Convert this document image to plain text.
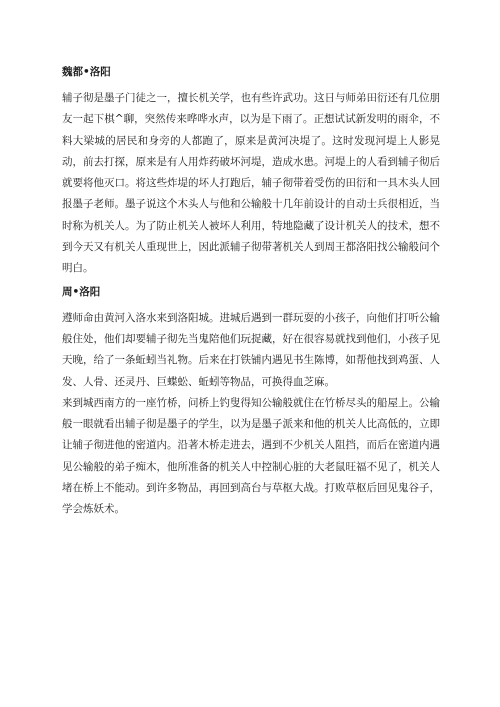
魏都•洛阳

辅子彻是墨子门徒之一，擅长机关学，也有些许武功。这日与师弟田衍还有几位朋友一起下棋^聊，突然传来哗哗水声，以为是下雨了。正想试试新发明的雨伞，不料大梁城的居民和身旁的人都跑了，原来是黄河决堤了。这时发现河堤上人影晃动，前去打探，原来是有人用炸药破坏河堤，造成水患。河堤上的人看到辅子彻后就要将他灭口。将这些炸堤的坏人打跑后，辅子彻带着受伤的田衍和一具木头人回报墨子老师。墨子说这个木头人与他和公输般十几年前设计的自动士兵很相近，当时称为机关人。为了防止机关人被坏人利用，特地隐藏了设计机关人的技术，想不到今天又有机关人重现世上，因此派辅子彻带著机关人到周王都洛阳找公输般问个明白。

周•洛阳

遵师命由黄河入洛水来到洛阳城。进城后遇到一群玩耍的小孩子，向他们打听公输般住处，他们却要辅子彻先当鬼陪他们玩捉藏，好在很容易就找到他们，小孩子见天晚，给了一条蚯蚓当礼物。后来在打铁铺内遇见书生陈博，如帮他找到鸡蛋、人发、人骨、还灵丹、巨蝶蚣、蚯蚓等物品，可换得血芝麻。

来到城西南方的一座竹桥，问桥上钓叟得知公输般就住在竹桥尽头的船屋上。公输般一眼就看出辅子彻是墨子的学生，以为是墨子派来和他的机关人比高低的，立即让辅子彻进他的密道内。沿著木桥走进去，遇到不少机关人阻挡，而后在密道内遇见公输般的弟子痴木，他所准备的机关人中控制心脏的大老鼠旺福不见了，机关人堵在桥上不能动。到许多物品，再回到高台与草枢大战。打败草枢后回见鬼谷子，学会炼妖术。
